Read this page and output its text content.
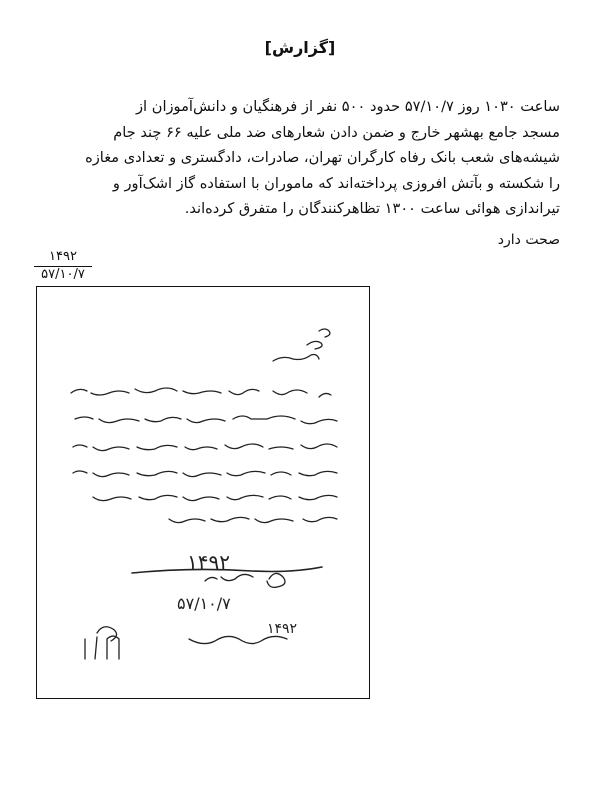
[گزارش]

ساعت ۱۰۳۰ روز ۵۷/۱۰/۷ حدود ۵۰۰ نفر از فرهنگیان و دانش‌آموزان از

مسجد جامع بهشهر خارج و ضمن دادن شعارهای ضد ملی علیه ۶۶ چند جام

شیشه‌های شعب بانک رفاه کارگران تهران، صادرات، دادگستری و تعدادی مغازه

را شکسته و بآتش افروزی پرداخته‌اند که ماموران با استفاده گاز اشک‌آور و

تیراندازی هوائی ساعت ۱۳۰۰ تظاهرکنندگان را متفرق کرده‌اند.

صحت دارد
۱۴۹۲
۵۷/۱۰/۷
۱۴۹۲
۵۷/۱۰/۷
۱۴۹۲
